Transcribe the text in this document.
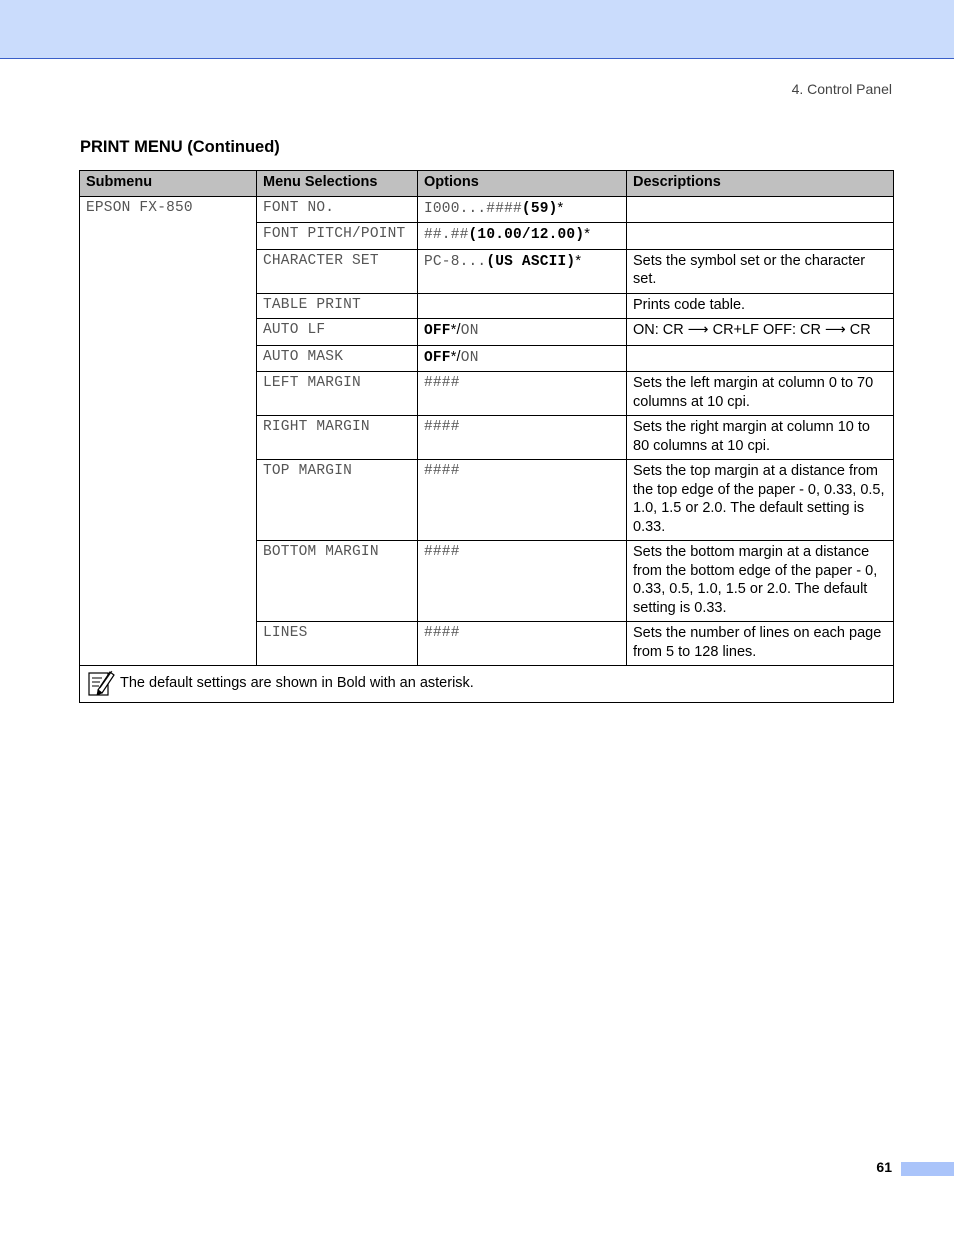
4. Control Panel
PRINT MENU (Continued)
Submenu	Menu Selections	Options	Descriptions
EPSON FX-850	FONT NO.	I000...####(59)*	
	FONT PITCH/POINT	##.##(10.00/12.00)*	
	CHARACTER SET	PC-8...(US ASCII)*	Sets the symbol set or the character set.
	TABLE PRINT		Prints code table.
	AUTO LF	OFF*/ON	ON: CR ⟶ CR+LF OFF: CR ⟶ CR
	AUTO MASK	OFF*/ON	
	LEFT MARGIN	####	Sets the left margin at column 0 to 70 columns at 10 cpi.
	RIGHT MARGIN	####	Sets the right margin at column 10 to 80 columns at 10 cpi.
	TOP MARGIN	####	Sets the top margin at a distance from the top edge of the paper - 0, 0.33, 0.5, 1.0, 1.5 or 2.0. The default setting is 0.33.
	BOTTOM MARGIN	####	Sets the bottom margin at a distance from the bottom edge of the paper - 0, 0.33, 0.5, 1.0, 1.5 or 2.0. The default setting is 0.33.
	LINES	####	Sets the number of lines on each page from 5 to 128 lines.

The default settings are shown in Bold with an asterisk.			
61
